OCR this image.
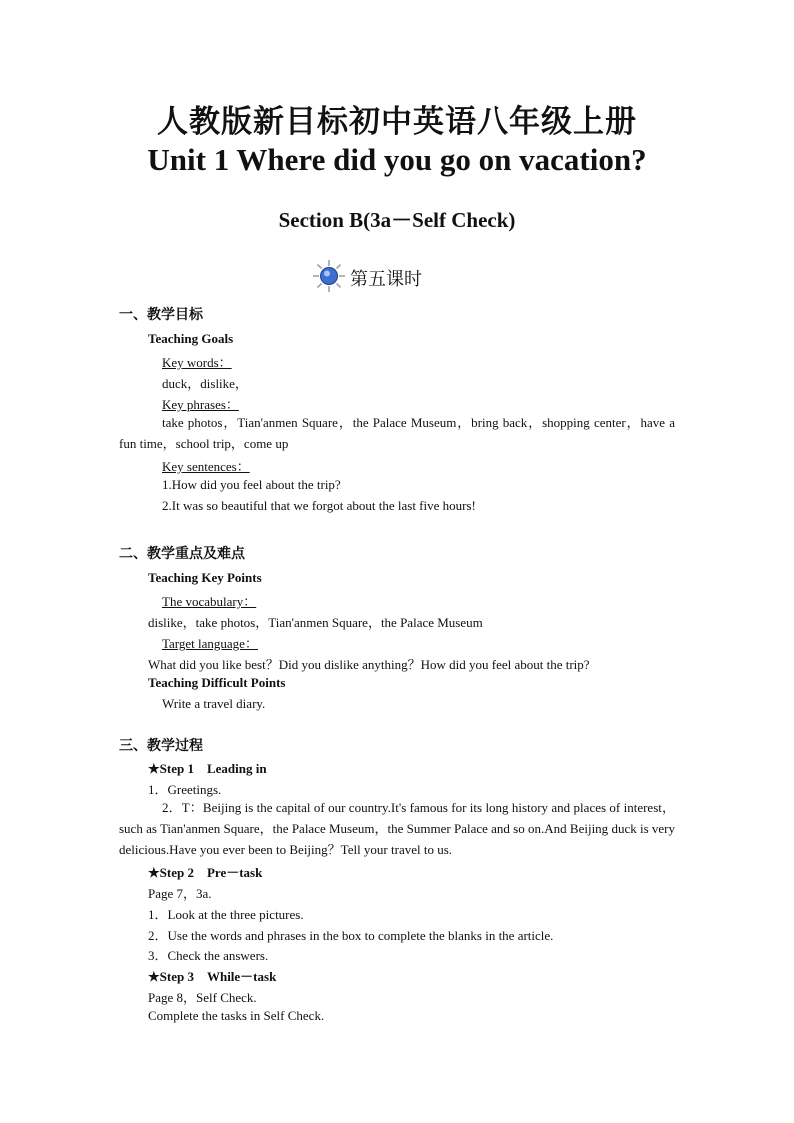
人教版新目标初中英语八年级上册
Unit 1 Where did you go on vacation?
Section B(3a－Self Check)
第五课时
一、教学目标
Teaching Goals
Key words：
duck，dislike，
Key phrases：
take photos，Tian'anmen Square，the Palace Museum，bring back，shopping center，have a fun time，school trip，come up
Key sentences：
1.How did you feel about the trip?
2.It was so beautiful that we forgot about the last five hours!
二、教学重点及难点
Teaching Key Points
The vocabulary：
dislike，take photos，Tian'anmen Square，the Palace Museum
Target language：
What did you like best？Did you dislike anything？How did you feel about the trip?
Teaching Difficult Points
Write a travel diary.
三、教学过程
★Step 1　Leading in
1．Greetings.
2．T：Beijing is the capital of our country.It's famous for its long history and places of interest，such as Tian'anmen Square，the Palace Museum，the Summer Palace and so on.And Beijing duck is very delicious.Have you ever been to Beijing？Tell your travel to us.
★Step 2　Pre－task
Page 7，3a.
1．Look at the three pictures.
2．Use the words and phrases in the box to complete the blanks in the article.
3．Check the answers.
★Step 3　While－task
Page 8，Self Check.
Complete the tasks in Self Check.
